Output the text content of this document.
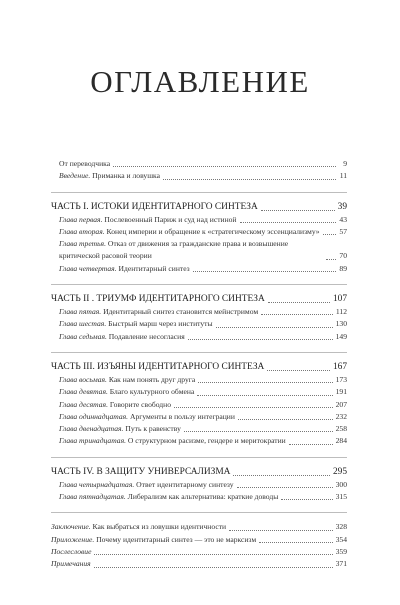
ОГЛАВЛЕНИЕ
От переводчика	9
Введение. Приманка и ловушка	11
ЧАСТЬ I. ИСТОКИ ИДЕНТИТАРНОГО СИНТЕЗА	39
Глава первая. Послевоенный Париж и суд над истиной	43
Глава вторая. Конец империи и обращение к «стратегическому эссенциализму»	57
Глава третья. Отказ от движения за гражданские права и возвышение критической расовой теории	70
Глава четвертая. Идентитарный синтез	89
ЧАСТЬ II . ТРИУМФ ИДЕНТИТАРНОГО СИНТЕЗА	107
Глава пятая. Идентитарный синтез становится мейнстримом	112
Глава шестая. Быстрый марш через институты	130
Глава седьмая. Подавление несогласия	149
ЧАСТЬ III. ИЗЪЯНЫ ИДЕНТИТАРНОГО СИНТЕЗА	167
Глава восьмая. Как нам понять друг друга	173
Глава девятая. Благо культурного обмена	191
Глава десятая. Говорите свободно	207
Глава одиннадцатая. Аргументы в пользу интеграции	232
Глава двенадцатая. Путь к равенству	258
Глава тринадцатая. О структурном расизме, гендере и меритократии	284
ЧАСТЬ IV. В ЗАЩИТУ УНИВЕРСАЛИЗМА	295
Глава четырнадцатая. Ответ идентитарному синтезу	300
Глава пятнадцатая. Либерализм как альтернатива: краткие доводы	315
Заключение. Как выбраться из ловушки идентичности	328
Приложение. Почему идентитарный синтез — это не марксизм	354
Послесловие	359
Примечания	371
